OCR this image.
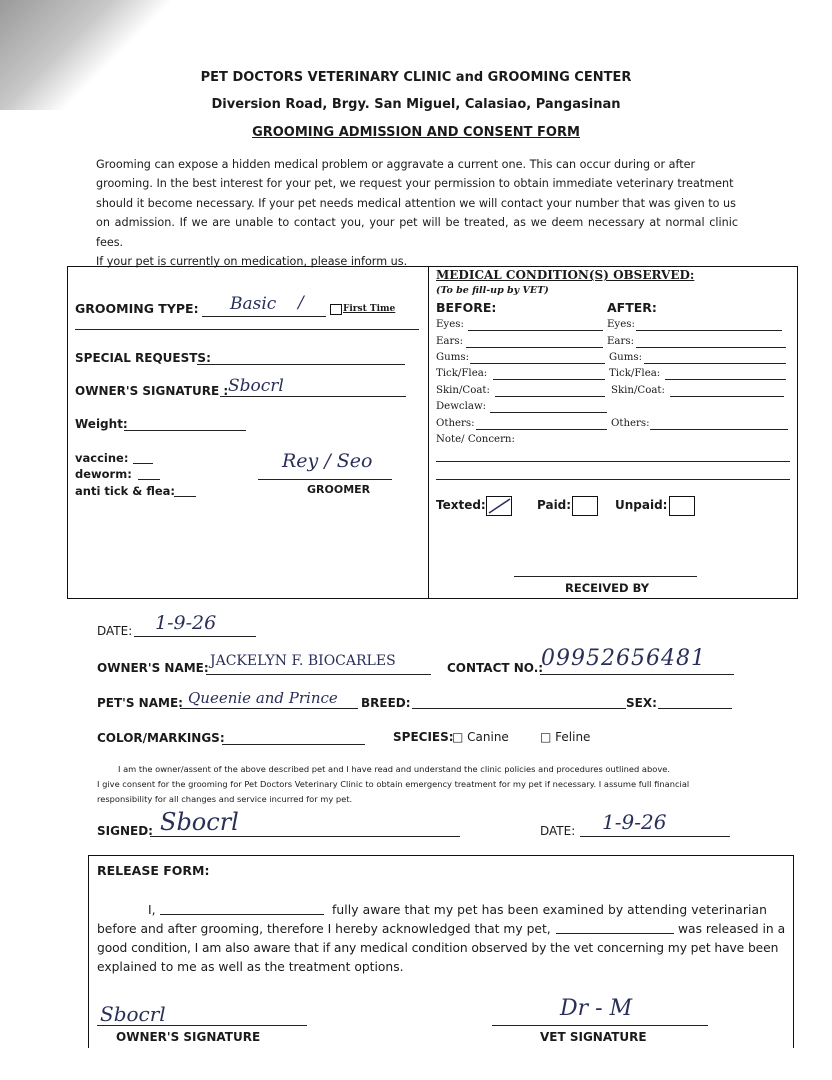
PET DOCTORS VETERINARY CLINIC and GROOMING CENTER
Diversion Road, Brgy. San Miguel, Calasiao, Pangasinan
GROOMING ADMISSION AND CONSENT FORM
Grooming can expose a hidden medical problem or aggravate a current one. This can occur during or after
grooming. In the best interest for your pet, we request your permission to obtain immediate veterinary treatment
should it become necessary. If your pet needs medical attention we will contact your number that was given to us
on admission. If we are unable to contact you, your pet will be treated, as we deem necessary at normal clinic fees.
If your pet is currently on medication, please inform us.
GROOMING TYPE: Basic /	First Time
SPECIAL REQUESTS:
OWNER'S SIGNATURE : Sbocrl
Weight:
vaccine:
deworm:
anti tick & flea:
Rey / Seo
GROOMER
MEDICAL CONDITION(S) OBSERVED:
(To be fill-up by VET)
BEFORE:	AFTER:
Eyes:	Eyes:
Ears:	Ears:
Gums:	Gums:
Tick/Flea:	Tick/Flea:
Skin/Coat:	Skin/Coat:
Dewclaw:
Others:	Others:
Note/ Concern:
Texted:	Paid:	Unpaid:
RECEIVED BY
DATE: 1-9-26
OWNER'S NAME: JACKELYN F. BIOCARLES	CONTACT NO.:
09952656481
PET'S NAME: Queenie and Prince BREED:	SEX:
COLOR/MARKINGS:	SPECIES:
□ Canine	□ Feline
I am the owner/assent of the above described pet and I have read and understand the clinic policies and procedures outlined above.
I give consent for the grooming for Pet Doctors Veterinary Clinic to obtain emergency treatment for my pet if necessary. I assume full financial
responsibility for all changes and service incurred for my pet.
SIGNED: Sbocrl	DATE: 1-9-26
RELEASE FORM:
I,	fully aware that my pet has been examined by attending veterinarian
before and after grooming, therefore I hereby acknowledged that my pet,	was released in a
good condition, I am also aware that if any medical condition observed by the vet concerning my pet have been
explained to me as well as the treatment options.
Sbocrl
OWNER'S SIGNATURE
Dr - M
VET SIGNATURE
